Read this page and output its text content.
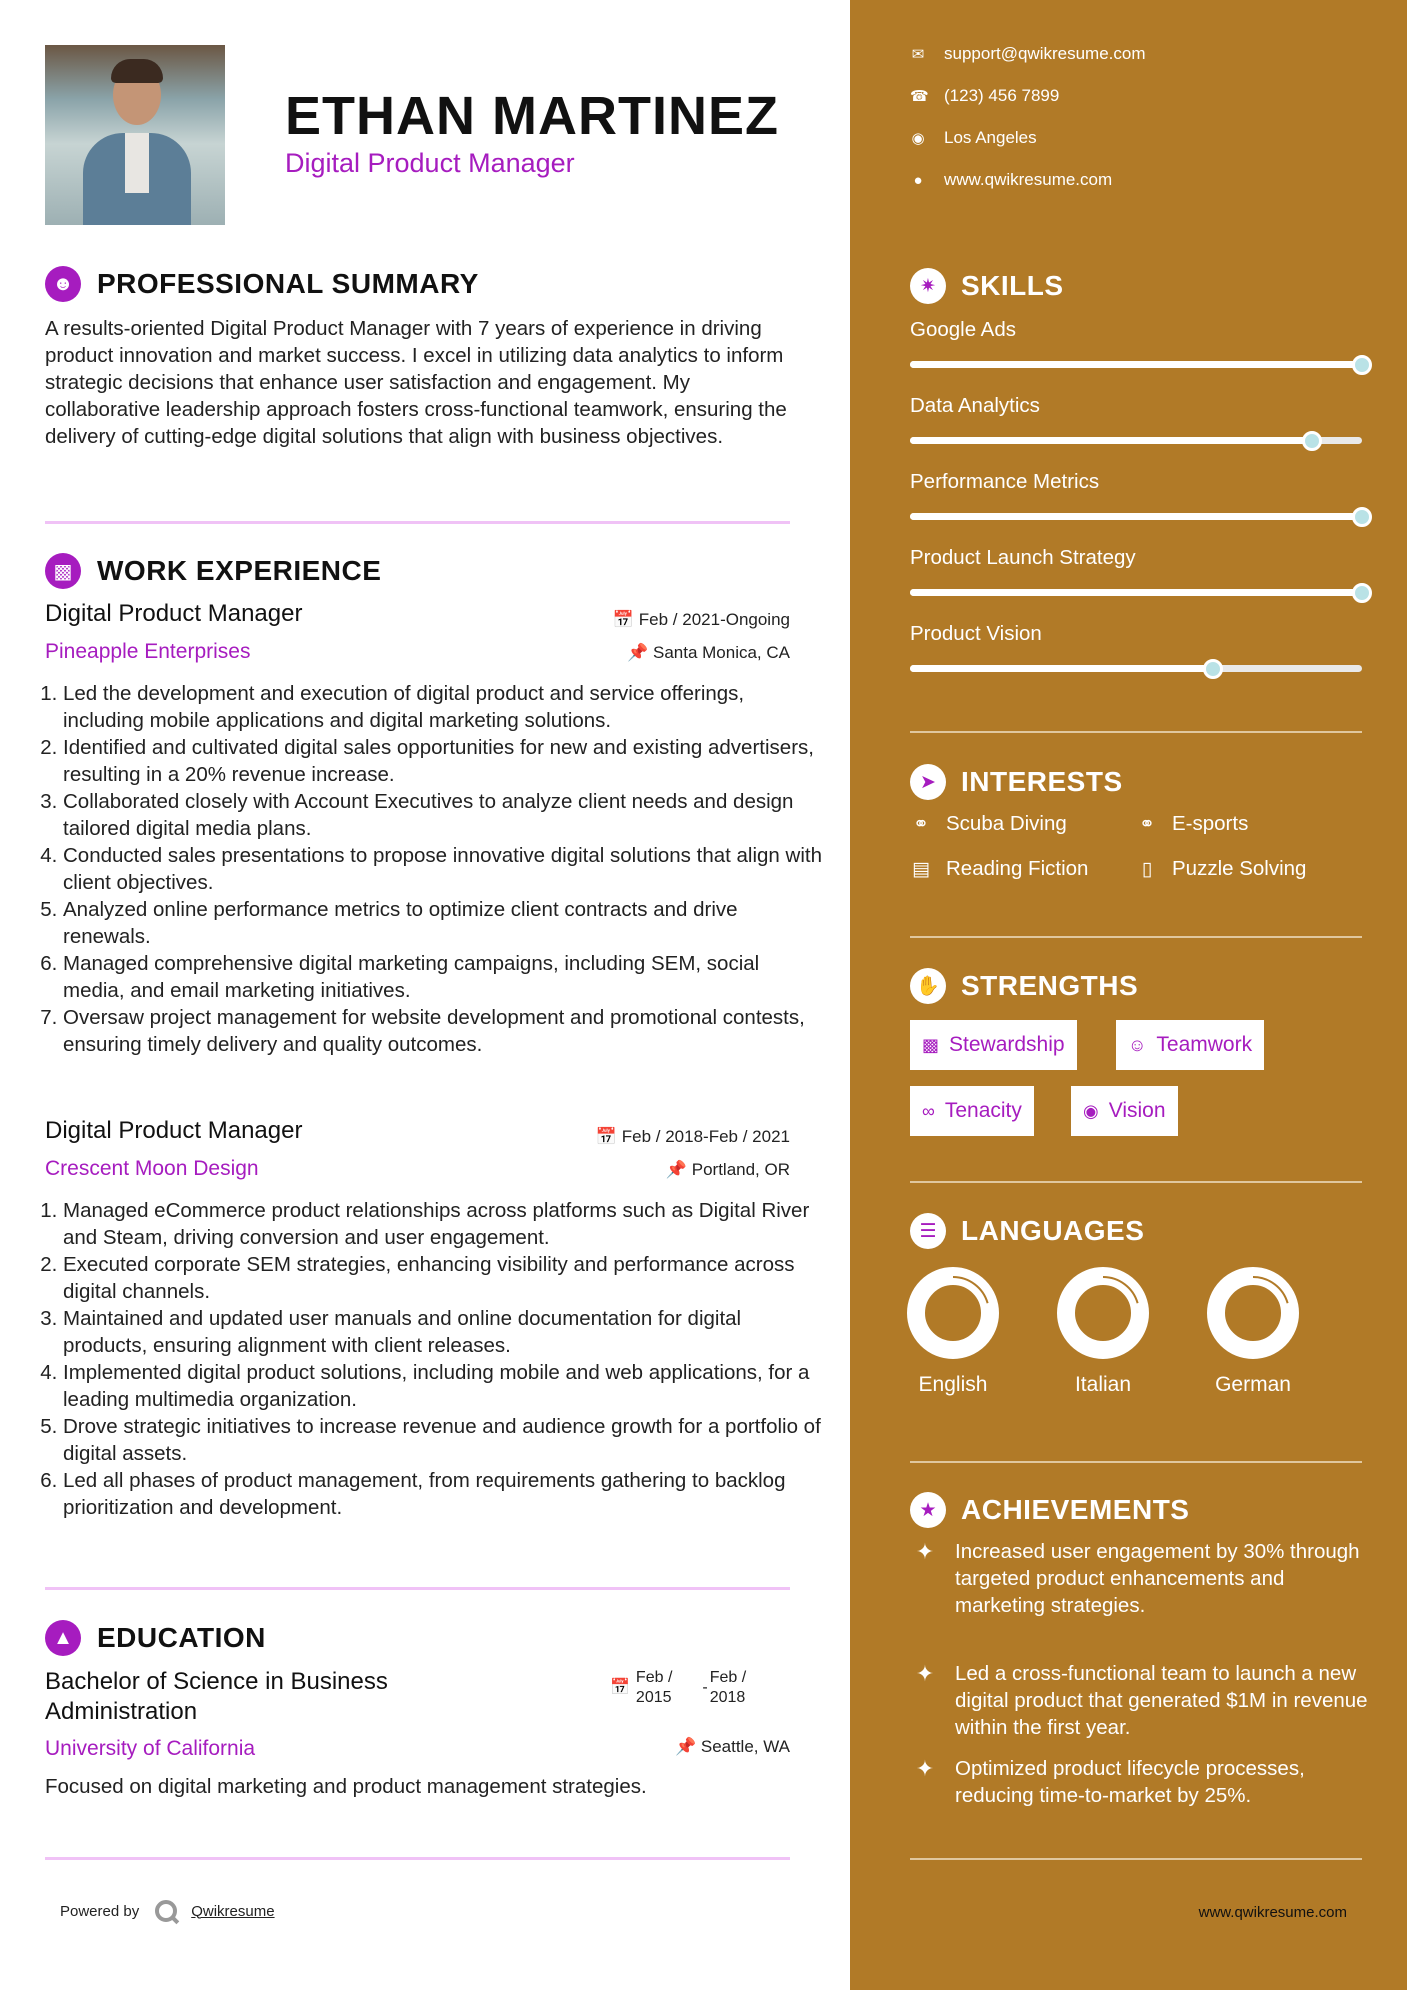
ETHAN MARTINEZ
Digital Product Manager
☻ PROFESSIONAL SUMMARY
A results-oriented Digital Product Manager with 7 years of experience in driving product innovation and market success. I excel in utilizing data analytics to inform strategic decisions that enhance user satisfaction and engagement. My collaborative leadership approach fosters cross-functional teamwork, ensuring the delivery of cutting-edge digital solutions that align with business objectives.
▩ WORK EXPERIENCE
Digital Product Manager	📅 Feb / 2021-Ongoing
Pineapple Enterprises	📌 Santa Monica, CA
1. Led the development and execution of digital product and service offerings, including mobile applications and digital marketing solutions.
2. Identified and cultivated digital sales opportunities for new and existing advertisers, resulting in a 20% revenue increase.
3. Collaborated closely with Account Executives to analyze client needs and design tailored digital media plans.
4. Conducted sales presentations to propose innovative digital solutions that align with client objectives.
5. Analyzed online performance metrics to optimize client contracts and drive renewals.
6. Managed comprehensive digital marketing campaigns, including SEM, social media, and email marketing initiatives.
7. Oversaw project management for website development and promotional contests, ensuring timely delivery and quality outcomes.
Digital Product Manager	📅 Feb / 2018-Feb / 2021
Crescent Moon Design	📌 Portland, OR
1. Managed eCommerce product relationships across platforms such as Digital River and Steam, driving conversion and user engagement.
2. Executed corporate SEM strategies, enhancing visibility and performance across digital channels.
3. Maintained and updated user manuals and online documentation for digital products, ensuring alignment with client releases.
4. Implemented digital product solutions, including mobile and web applications, for a leading multimedia organization.
5. Drove strategic initiatives to increase revenue and audience growth for a portfolio of digital assets.
6. Led all phases of product management, from requirements gathering to backlog prioritization and development.
▲ EDUCATION
Bachelor of Science in Business
Administration
📅
Feb /
2015
-
Feb /
2018
University of California	📌 Seattle, WA
Focused on digital marketing and product management strategies.
Powered by	Qwikresume
✉ support@qwikresume.com
☎ (123) 456 7899
◉ Los Angeles
● www.qwikresume.com
✷ SKILLS
Google Ads
Data Analytics
Performance Metrics
Product Launch Strategy
Product Vision
➤ INTERESTS
⚭ Scuba Diving	⚭ E-sports
▤ Reading Fiction	▯ Puzzle Solving
✋ STRENGTHS
▩ Stewardship	☺ Teamwork
∞ Tenacity	◉ Vision
☰ LANGUAGES
English	Italian	German
★ ACHIEVEMENTS
✦ Increased user engagement by 30% through targeted product enhancements and marketing strategies.
✦ Led a cross-functional team to launch a new digital product that generated $1M in revenue within the first year.
✦ Optimized product lifecycle processes, reducing time-to-market by 25%.
www.qwikresume.com
